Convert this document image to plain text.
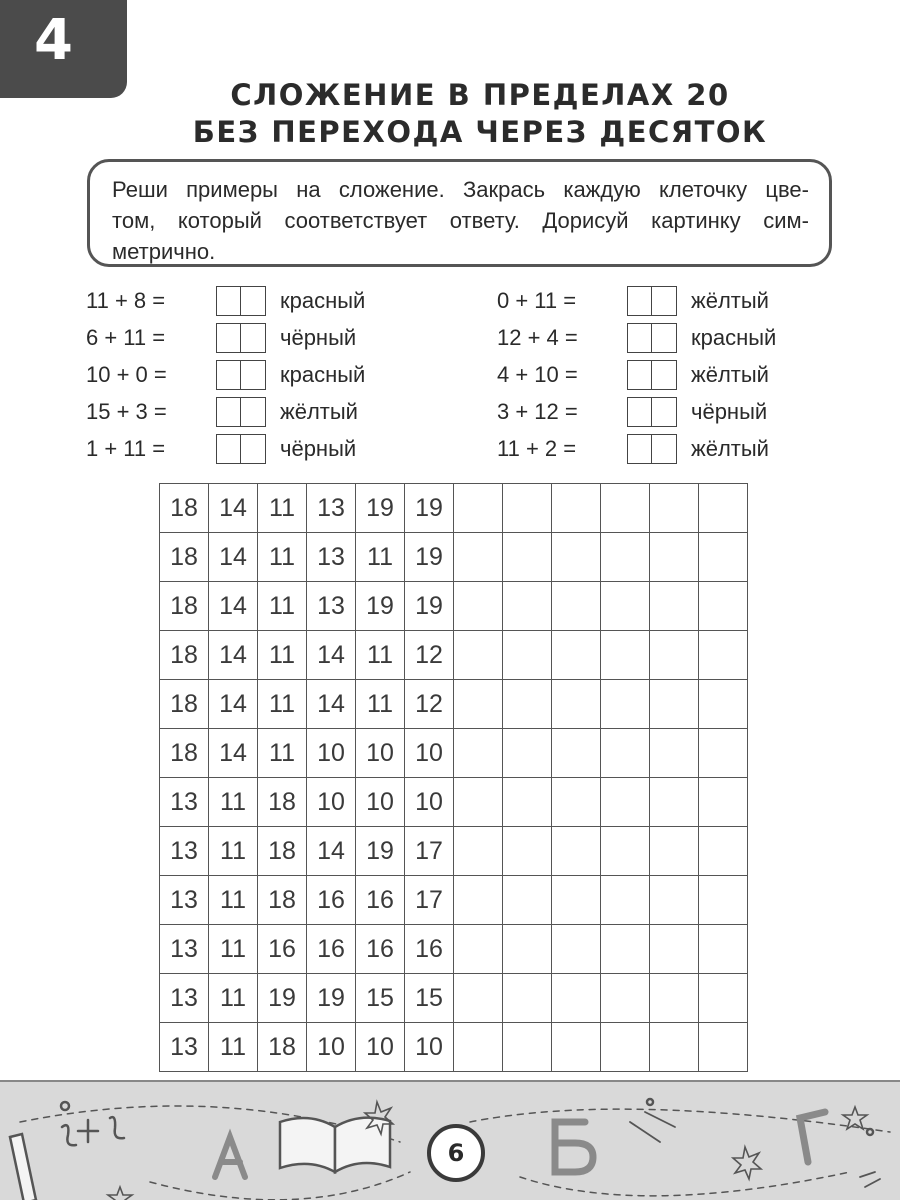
4
СЛОЖЕНИЕ В ПРЕДЕЛАХ 20
БЕЗ ПЕРЕХОДА ЧЕРЕЗ ДЕСЯТОК
Реши примеры на сложение. Закрась каждую клеточку цве-
том, который соответствует ответу. Дорисуй картинку сим-
метрично.
11 + 8 =	красный
6 + 11 =	чёрный
10 + 0 =	красный
15 + 3 =	жёлтый
1 + 11 =	чёрный
0 + 11 =	жёлтый
12 + 4 =	красный
4 + 10 =	жёлтый
3 + 12 =	чёрный
11 + 2 =	жёлтый
18	14	11	13	19	19						
18	14	11	13	11	19						
18	14	11	13	19	19						
18	14	11	14	11	12						
18	14	11	14	11	12						
18	14	11	10	10	10						
13	11	18	10	10	10						
13	11	18	14	19	17						
13	11	18	16	16	17						
13	11	16	16	16	16						
13	11	19	19	15	15						
13	11	18	10	10	10						
6
